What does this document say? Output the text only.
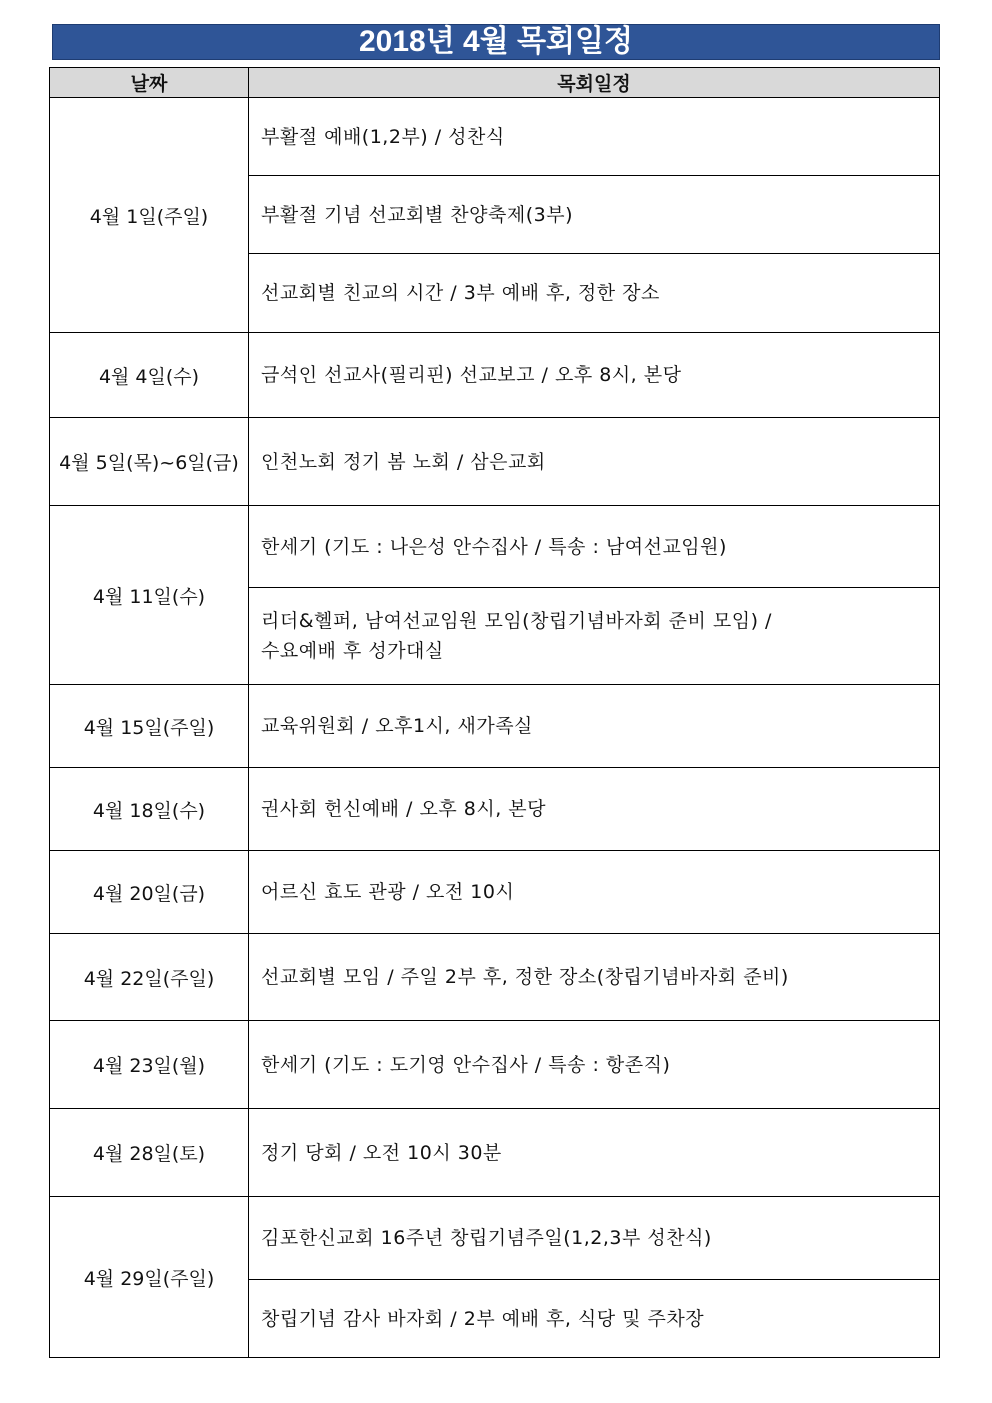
2018년 4월 목회일정
날짜	목회일정
4월 1일(주일)	부활절 예배(1,2부) / 성찬식

	부활절 기념 선교회별 찬양축제(3부)

	선교회별 친교의 시간 / 3부 예배 후, 정한 장소

4월 4일(수)	금석인 선교사(필리핀) 선교보고 / 오후 8시, 본당

4월 5일(목)~6일(금)	인천노회 정기 봄 노회 / 삼은교회

4월 11일(수)	한세기 (기도 : 나은성 안수집사 / 특송 : 남여선교임원)

	리더&헬퍼, 남여선교임원 모임(창립기념바자회 준비 모임) /
수요예배 후 성가대실

4월 15일(주일)	교육위원회 / 오후1시, 새가족실

4월 18일(수)	권사회 헌신예배 / 오후 8시, 본당

4월 20일(금)	어르신 효도 관광 / 오전 10시

4월 22일(주일)	선교회별 모임 / 주일 2부 후, 정한 장소(창립기념바자회 준비)

4월 23일(월)	한세기 (기도 : 도기영 안수집사 / 특송 : 항존직)

4월 28일(토)	정기 당회 / 오전 10시 30분

4월 29일(주일)	김포한신교회 16주년 창립기념주일(1,2,3부 성찬식)

	창립기념 감사 바자회 / 2부 예배 후, 식당 및 주차장
